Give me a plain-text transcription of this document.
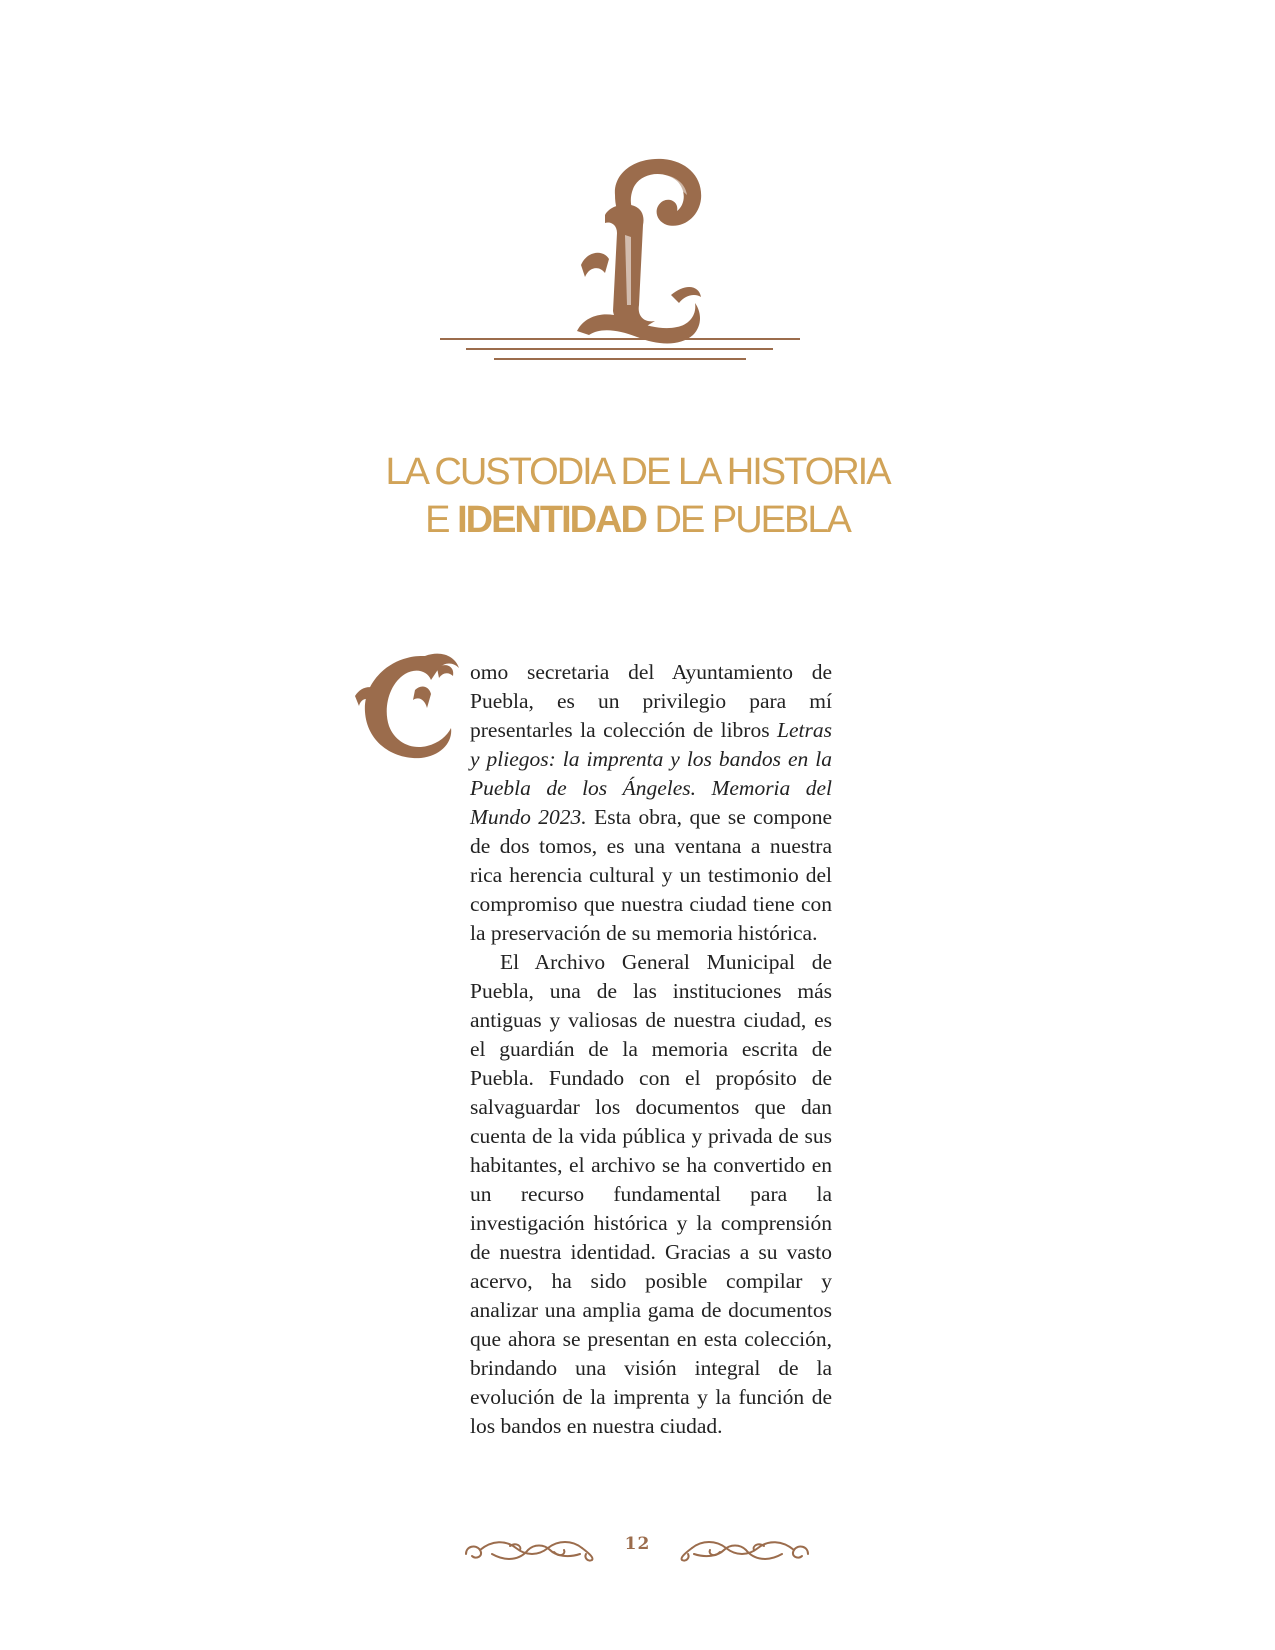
LA CUSTODIA DE LA HISTORIA
E IDENTIDAD DE PUEBLA

omo secretaria del Ayuntamiento de Puebla, es un privilegio para mí presentarles la colección de libros Letras y pliegos: la imprenta y los bandos en la Puebla de los Ángeles. Memoria del Mundo 2023. Esta obra, que se compone de dos tomos, es una ventana a nuestra rica herencia cultural y un testimonio del compromiso que nuestra ciudad tiene con la preservación de su memoria histórica.

El Archivo General Municipal de Puebla, una de las instituciones más antiguas y valiosas de nuestra ciudad, es el guardián de la memoria escrita de Puebla. Fundado con el propósito de salvaguardar los documentos que dan cuenta de la vida pública y privada de sus habitantes, el archivo se ha convertido en un recurso fundamental para la investigación histórica y la comprensión de nuestra identidad. Gracias a su vasto acervo, ha sido posible compilar y analizar una amplia gama de documentos que ahora se presentan en esta colección, brindando una visión integral de la evolución de la imprenta y la función de los bandos en nuestra ciudad.

12
